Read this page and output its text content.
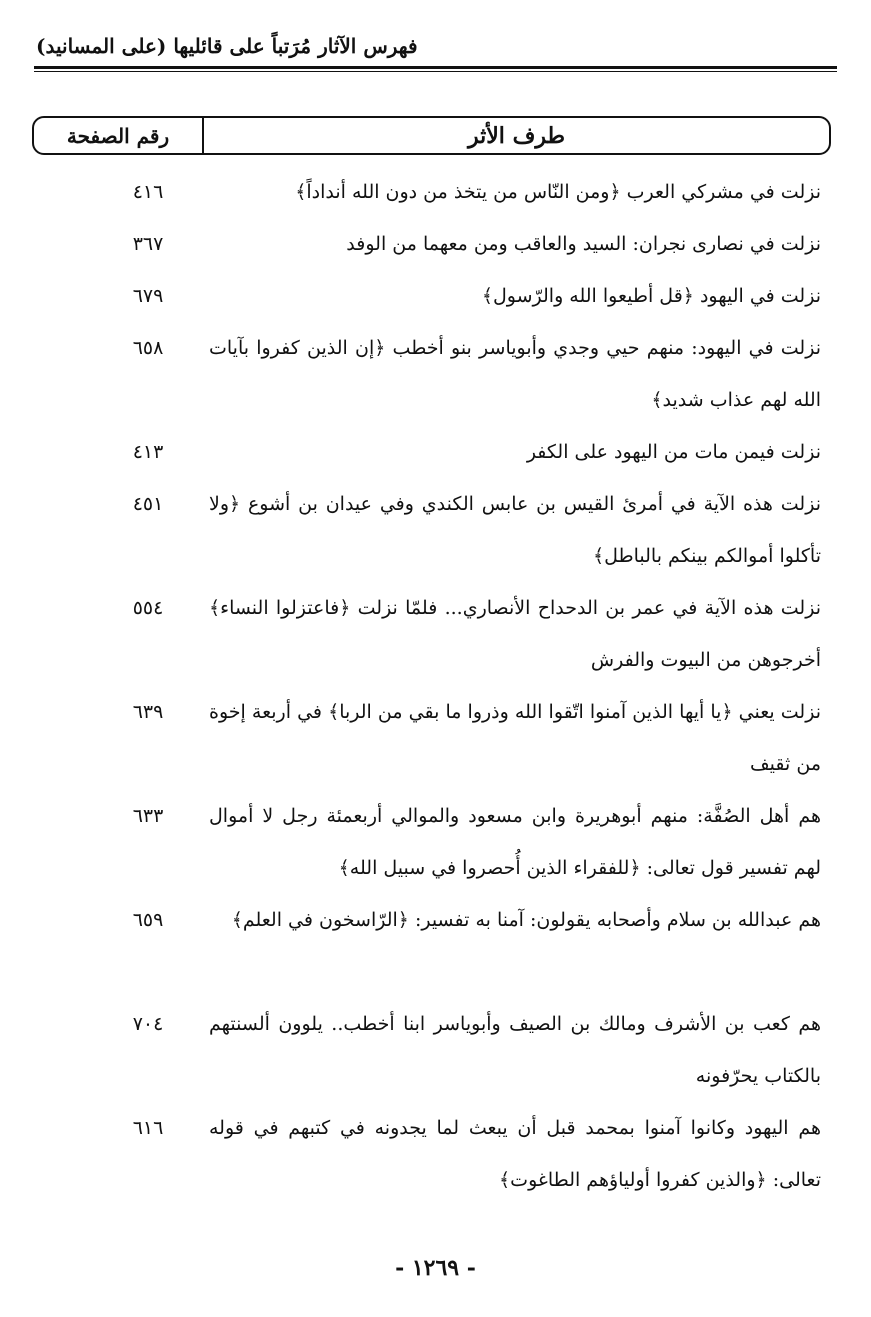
فهرس الآثار مُرَتباً على قائليها (على المسانيد)
طرف الأثر
رقم الصفحة
نزلت في مشركي العرب ﴿ومن النّاس من يتخذ من دون الله أنداداً﴾
٤١٦
نزلت في نصارى نجران: السيد والعاقب ومن معهما من الوفد
٣٦٧
نزلت في اليهود ﴿قل أطيعوا الله والرّسول﴾
٦٧٩
نزلت في اليهود: منهم حيي وجدي وأبوياسر بنو أخطب ﴿إن الذين كفروا بآيات الله لهم عذاب شديد﴾
٦٥٨
نزلت فيمن مات من اليهود على الكفر
٤١٣
نزلت هذه الآية في أمرئ القيس بن عابس الكندي وفي عيدان بن أشوع ﴿ولا تأكلوا أموالكم بينكم بالباطل﴾
٤٥١
نزلت هذه الآية في عمر بن الدحداح الأنصاري... فلمّا نزلت ﴿فاعتزلوا النساء﴾ أخرجوهن من البيوت والفرش
٥٥٤
نزلت يعني ﴿يا أيها الذين آمنوا اتّقوا الله وذروا ما بقي من الربا﴾ في أربعة إخوة من ثقيف
٦٣٩
هم أهل الصُفَّة: منهم أبوهريرة وابن مسعود والموالي أربعمئة رجل لا أموال لهم تفسير قول تعالى: ﴿للفقراء الذين أُحصروا في سبيل الله﴾
٦٣٣
هم عبدالله بن سلام وأصحابه يقولون: آمنا به تفسير: ﴿الرّاسخون في العلم﴾
٦٥٩
هم كعب بن الأشرف ومالك بن الصيف وأبوياسر ابنا أخطب.. يلوون ألسنتهم بالكتاب يحرّفونه
٧٠٤
هم اليهود وكانوا آمنوا بمحمد قبل أن يبعث لما يجدونه في كتبهم في قوله تعالى: ﴿والذين كفروا أولياؤهم الطاغوت﴾
٦١٦
- ١٢٦٩ -
